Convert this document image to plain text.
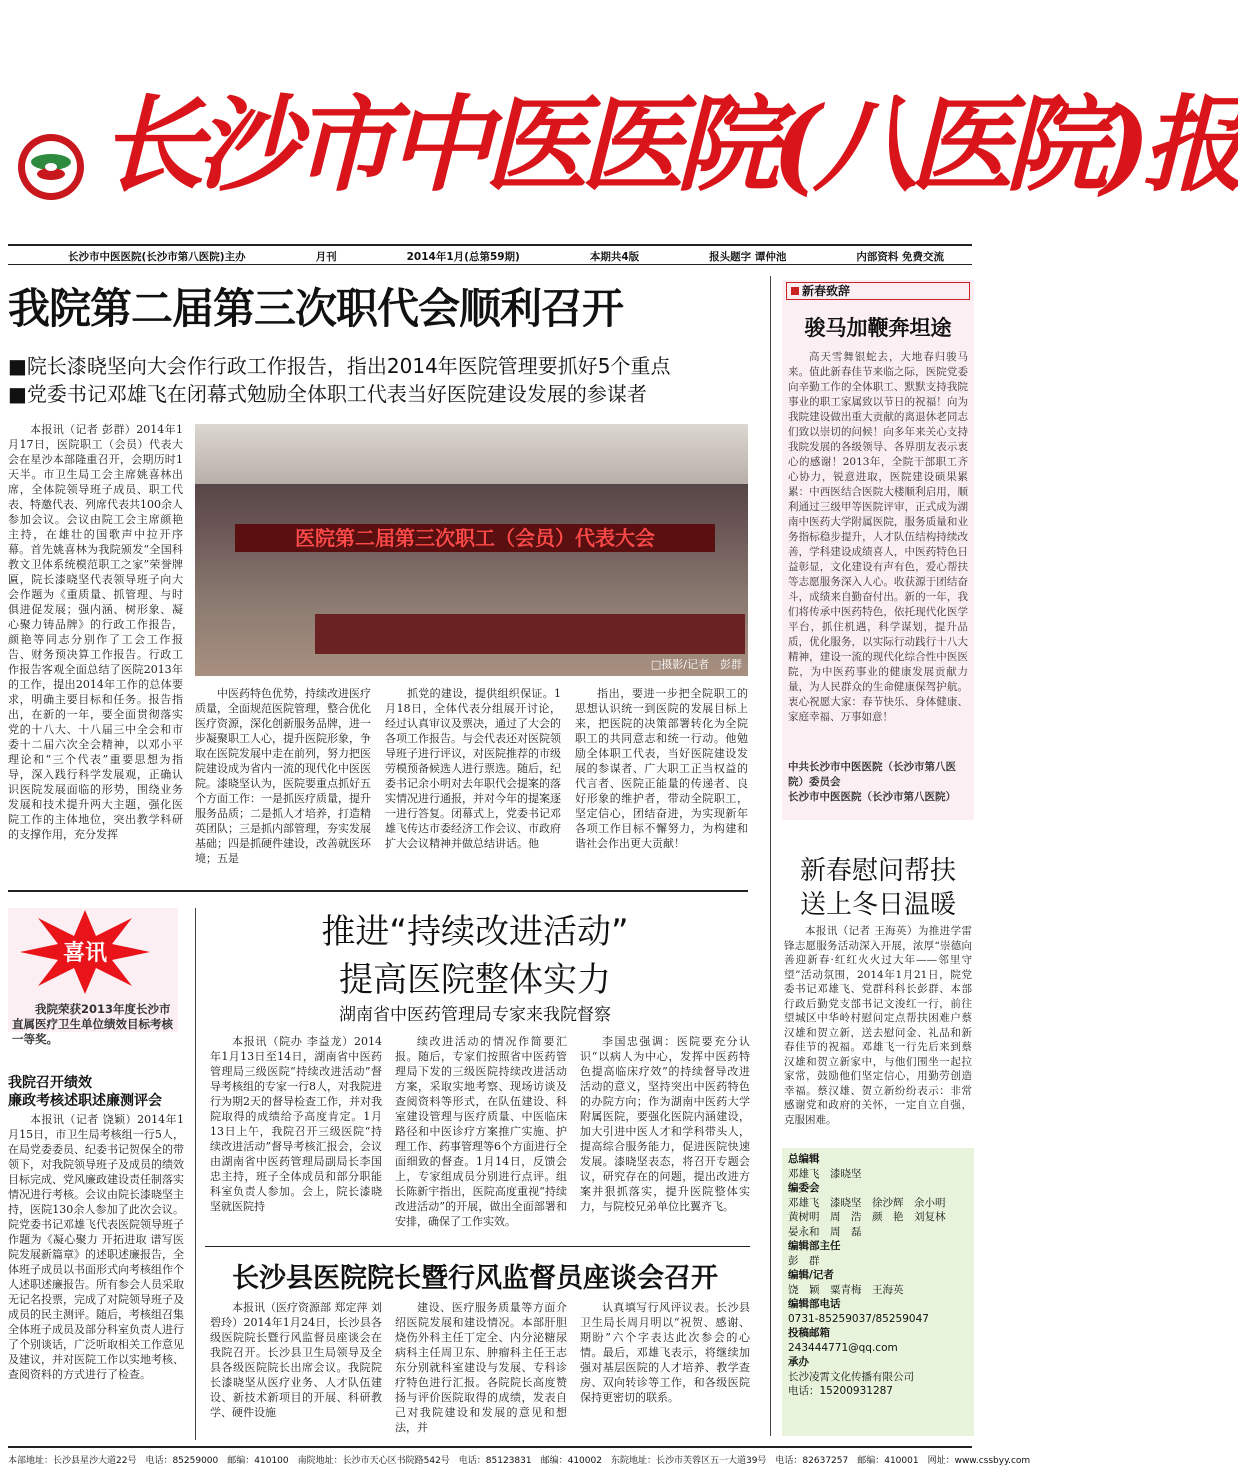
长沙市中医医院(八医院)报
长沙市中医医院(长沙市第八医院)主办	月刊	2014年1月(总第59期)	本期共4版	报头题字 谭仲池	内部资料 免费交流
我院第二届第三次职代会顺利召开
■院长漆晓坚向大会作行政工作报告，指出2014年医院管理要抓好5个重点
■党委书记邓雄飞在闭幕式勉励全体职工代表当好医院建设发展的参谋者
本报讯（记者 彭群）2014年1月17日，医院职工（会员）代表大会在星沙本部隆重召开，会期历时1天半。市卫生局工会主席姚喜林出席，全体院领导班子成员、职工代表、特邀代表、列席代表共100余人参加会议。会议由院工会主席颜艳主持，在雄壮的国歌声中拉开序幕。首先姚喜林为我院颁发“全国科教文卫体系统模范职工之家”荣誉牌匾，院长漆晓坚代表领导班子向大会作题为《重质量、抓管理、与时俱进促发展；强内涵、树形象、凝心聚力铸品牌》的行政工作报告，颜艳等同志分别作了工会工作报告、财务预决算工作报告。行政工作报告客观全面总结了医院2013年的工作，提出2014年工作的总体要求，明确主要目标和任务。报告指出，在新的一年，要全面贯彻落实党的十八大、十八届三中全会和市委十二届六次全会精神，以邓小平理论和“三个代表”重要思想为指导，深入践行科学发展观，正确认识医院发展面临的形势，围绕业务发展和技术提升两大主题，强化医院工作的主体地位，突出教学科研的支撑作用，充分发挥
医院第二届第三次职工（会员）代表大会
□摄影/记者　彭群
中医药特色优势，持续改进医疗质量，全面规范医院管理，整合优化医疗资源，深化创新服务品牌，进一步凝聚职工人心，提升医院形象，争取在医院发展中走在前列，努力把医院建设成为省内一流的现代化中医医院。漆晓坚认为，医院要重点抓好五个方面工作：一是抓医疗质量，提升服务品质；二是抓人才培养，打造精英团队；三是抓内部管理，夯实发展基础；四是抓硬件建设，改善就医环境；五是
抓党的建设，提供组织保证。1月18日，全体代表分组展开讨论，经过认真审议及票决，通过了大会的各项工作报告。与会代表还对医院领导班子进行评议，对医院推荐的市级劳模预备候选人进行票选。随后，纪委书记余小明对去年职代会提案的落实情况进行通报，并对今年的提案逐一进行答复。闭幕式上，党委书记邓雄飞传达市委经济工作会议、市政府扩大会议精神并做总结讲话。他
指出，要进一步把全院职工的思想认识统一到医院的发展目标上来，把医院的决策部署转化为全院职工的共同意志和统一行动。他勉励全体职工代表，当好医院建设发展的参谋者、广大职工正当权益的代言者、医院正能量的传递者、良好形象的维护者，带动全院职工，坚定信心，团结奋进，为实现新年各项工作目标不懈努力，为构建和谐社会作出更大贡献！
新春致辞
骏马加鞭奔坦途
高天雪舞银蛇去，大地春归骏马来。值此新春佳节来临之际，医院党委向辛勤工作的全体职工、默默支持我院事业的职工家属致以节日的祝福！向为我院建设做出重大贡献的离退休老同志们致以崇切的问候！向多年来关心支持我院发展的各级领导、各界朋友表示衷心的感谢！2013年，全院干部职工齐心协力，锐意进取，医院建设硕果累累：中西医结合医院大楼顺利启用，顺利通过三级甲等医院评审，正式成为湖南中医药大学附属医院，服务质量和业务指标稳步提升，人才队伍结构持续改善，学科建设成绩喜人，中医药特色日益彰显，文化建设有声有色，爱心帮扶等志愿服务深入人心。收获源于团结奋斗，成绩来自勤奋付出。新的一年，我们将传承中医药特色，依托现代化医学平台，抓住机遇，科学谋划，提升品质，优化服务，以实际行动践行十八大精神，建设一流的现代化综合性中医医院，为中医药事业的健康发展贡献力量，为人民群众的生命健康保驾护航。衷心祝愿大家：春节快乐、身体健康、家庭幸福、万事如意！
中共长沙市中医医院（长沙市第八医院）委员会
长沙市中医医院（长沙市第八医院）
新春慰问帮扶
送上冬日温暖
本报讯（记者 王海英）为推进学雷锋志愿服务活动深入开展，浓厚“崇德向善迎新春·红红火火过大年——邻里守望”活动氛围，2014年1月21日，院党委书记邓雄飞、党群科科长彭群、本部行政后勤党支部书记文浚红一行，前往望城区中华岭村慰问定点帮扶困难户蔡汉雄和贺立新，送去慰问金、礼品和新春佳节的祝福。邓雄飞一行先后来到蔡汉雄和贺立新家中，与他们围坐一起拉家常，鼓励他们坚定信心，用勤劳创造幸福。蔡汉雄、贺立新纷纷表示：非常感谢党和政府的关怀，一定自立自强，克服困难。
喜讯
我院荣获2013年度长沙市直属医疗卫生单位绩效目标考核一等奖。
我院召开绩效
廉政考核述职述廉测评会
本报讯（记者 饶颖）2014年1月15日，市卫生局考核组一行5人，在局党委委员、纪委书记贺保全的带领下，对我院领导班子及成员的绩效目标完成、党风廉政建设责任制落实情况进行考核。会议由院长漆晓坚主持，医院130余人参加了此次会议。院党委书记邓雄飞代表医院领导班子作题为《凝心聚力 开拓进取 谱写医院发展新篇章》的述职述廉报告，全体班子成员以书面形式向考核组作个人述职述廉报告。所有参会人员采取无记名投票，完成了对院领导班子及成员的民主测评。随后，考核组召集全体班子成员及部分科室负责人进行了个别谈话，广泛听取相关工作意见及建议，并对医院工作以实地考核、查阅资料的方式进行了检查。
推进“持续改进活动”
提高医院整体实力
湖南省中医药管理局专家来我院督察
本报讯（院办 李益龙）2014年1月13日至14日，湖南省中医药管理局三级医院“持续改进活动”督导考核组的专家一行8人，对我院进行为期2天的督导检查工作，并对我院取得的成绩给予高度肯定。1月13日上午，我院召开三级医院“持续改进活动”督导考核汇报会，会议由湖南省中医药管理局副局长李国忠主持，班子全体成员和部分职能科室负责人参加。会上，院长漆晓坚就医院持
续改进活动的情况作简要汇报。随后，专家们按照省中医药管理局下发的三级医院持续改进活动方案，采取实地考察、现场访谈及查阅资料等形式，在队伍建设、科室建设管理与医疗质量、中医临床路径和中医诊疗方案推广实施、护理工作、药事管理等6个方面进行全面细致的督查。1月14日，反馈会上，专家组成员分别进行点评。组长陈新宇指出，医院高度重视“持续改进活动”的开展，做出全面部署和安排，确保了工作实效。
李国忠强调：医院要充分认识“以病人为中心，发挥中医药特色提高临床疗效”的持续督导改进活动的意义，坚持突出中医药特色的办院方向；作为湖南中医药大学附属医院，要强化医院内涵建设，加大引进中医人才和学科带头人，提高综合服务能力，促进医院快速发展。漆晓坚表态，将召开专题会议，研究存在的问题，提出改进方案并狠抓落实，提升医院整体实力，与院校兄弟单位比翼齐飞。
长沙县医院院长暨行风监督员座谈会召开
本报讯（医疗资源部 郑定萍 刘碧玲）2014年1月24日，长沙县各级医院院长暨行风监督员座谈会在我院召开。长沙县卫生局领导及全县各级医院院长出席会议。我院院长漆晓坚从医疗业务、人才队伍建设、新技术新项目的开展、科研教学、硬件设施
建设、医疗服务质量等方面介绍医院发展和建设情况。本部肝胆烧伤外科主任丁定全、内分泌糖尿病科主任周卫东、肿瘤科主任王志东分别就科室建设与发展、专科诊疗特色进行汇报。各院院长高度赞扬与评价医院取得的成绩，发表自己对我院建设和发展的意见和想法，并
认真填写行风评议表。长沙县卫生局长周月明以“祝贺、感谢、期盼”六个字表达此次参会的心情。最后，邓雄飞表示，将继续加强对基层医院的人才培养、教学查房、双向转诊等工作，和各级医院保持更密切的联系。
总编辑
邓雄飞　漆晓坚
编委会
邓雄飞　漆晓坚　徐沙辉　余小明
黄树明　周　浩　颜　艳　刘复林
晏永和　周　磊
编辑部主任
彭　群
编辑/记者
饶　颖　粟青梅　王海英
编辑部电话
0731-85259037/85259047
投稿邮箱
243444771@qq.com
承办
长沙凌霄文化传播有限公司
电话：15200931287
本部地址：长沙县星沙大道22号　电话：85259000　邮编：410100　南院地址：长沙市天心区书院路542号　电话：85123831　邮编：410002　东院地址：长沙市芙蓉区五一大道39号　电话：82637257　邮编：410001　网址：www.cssbyy.com
